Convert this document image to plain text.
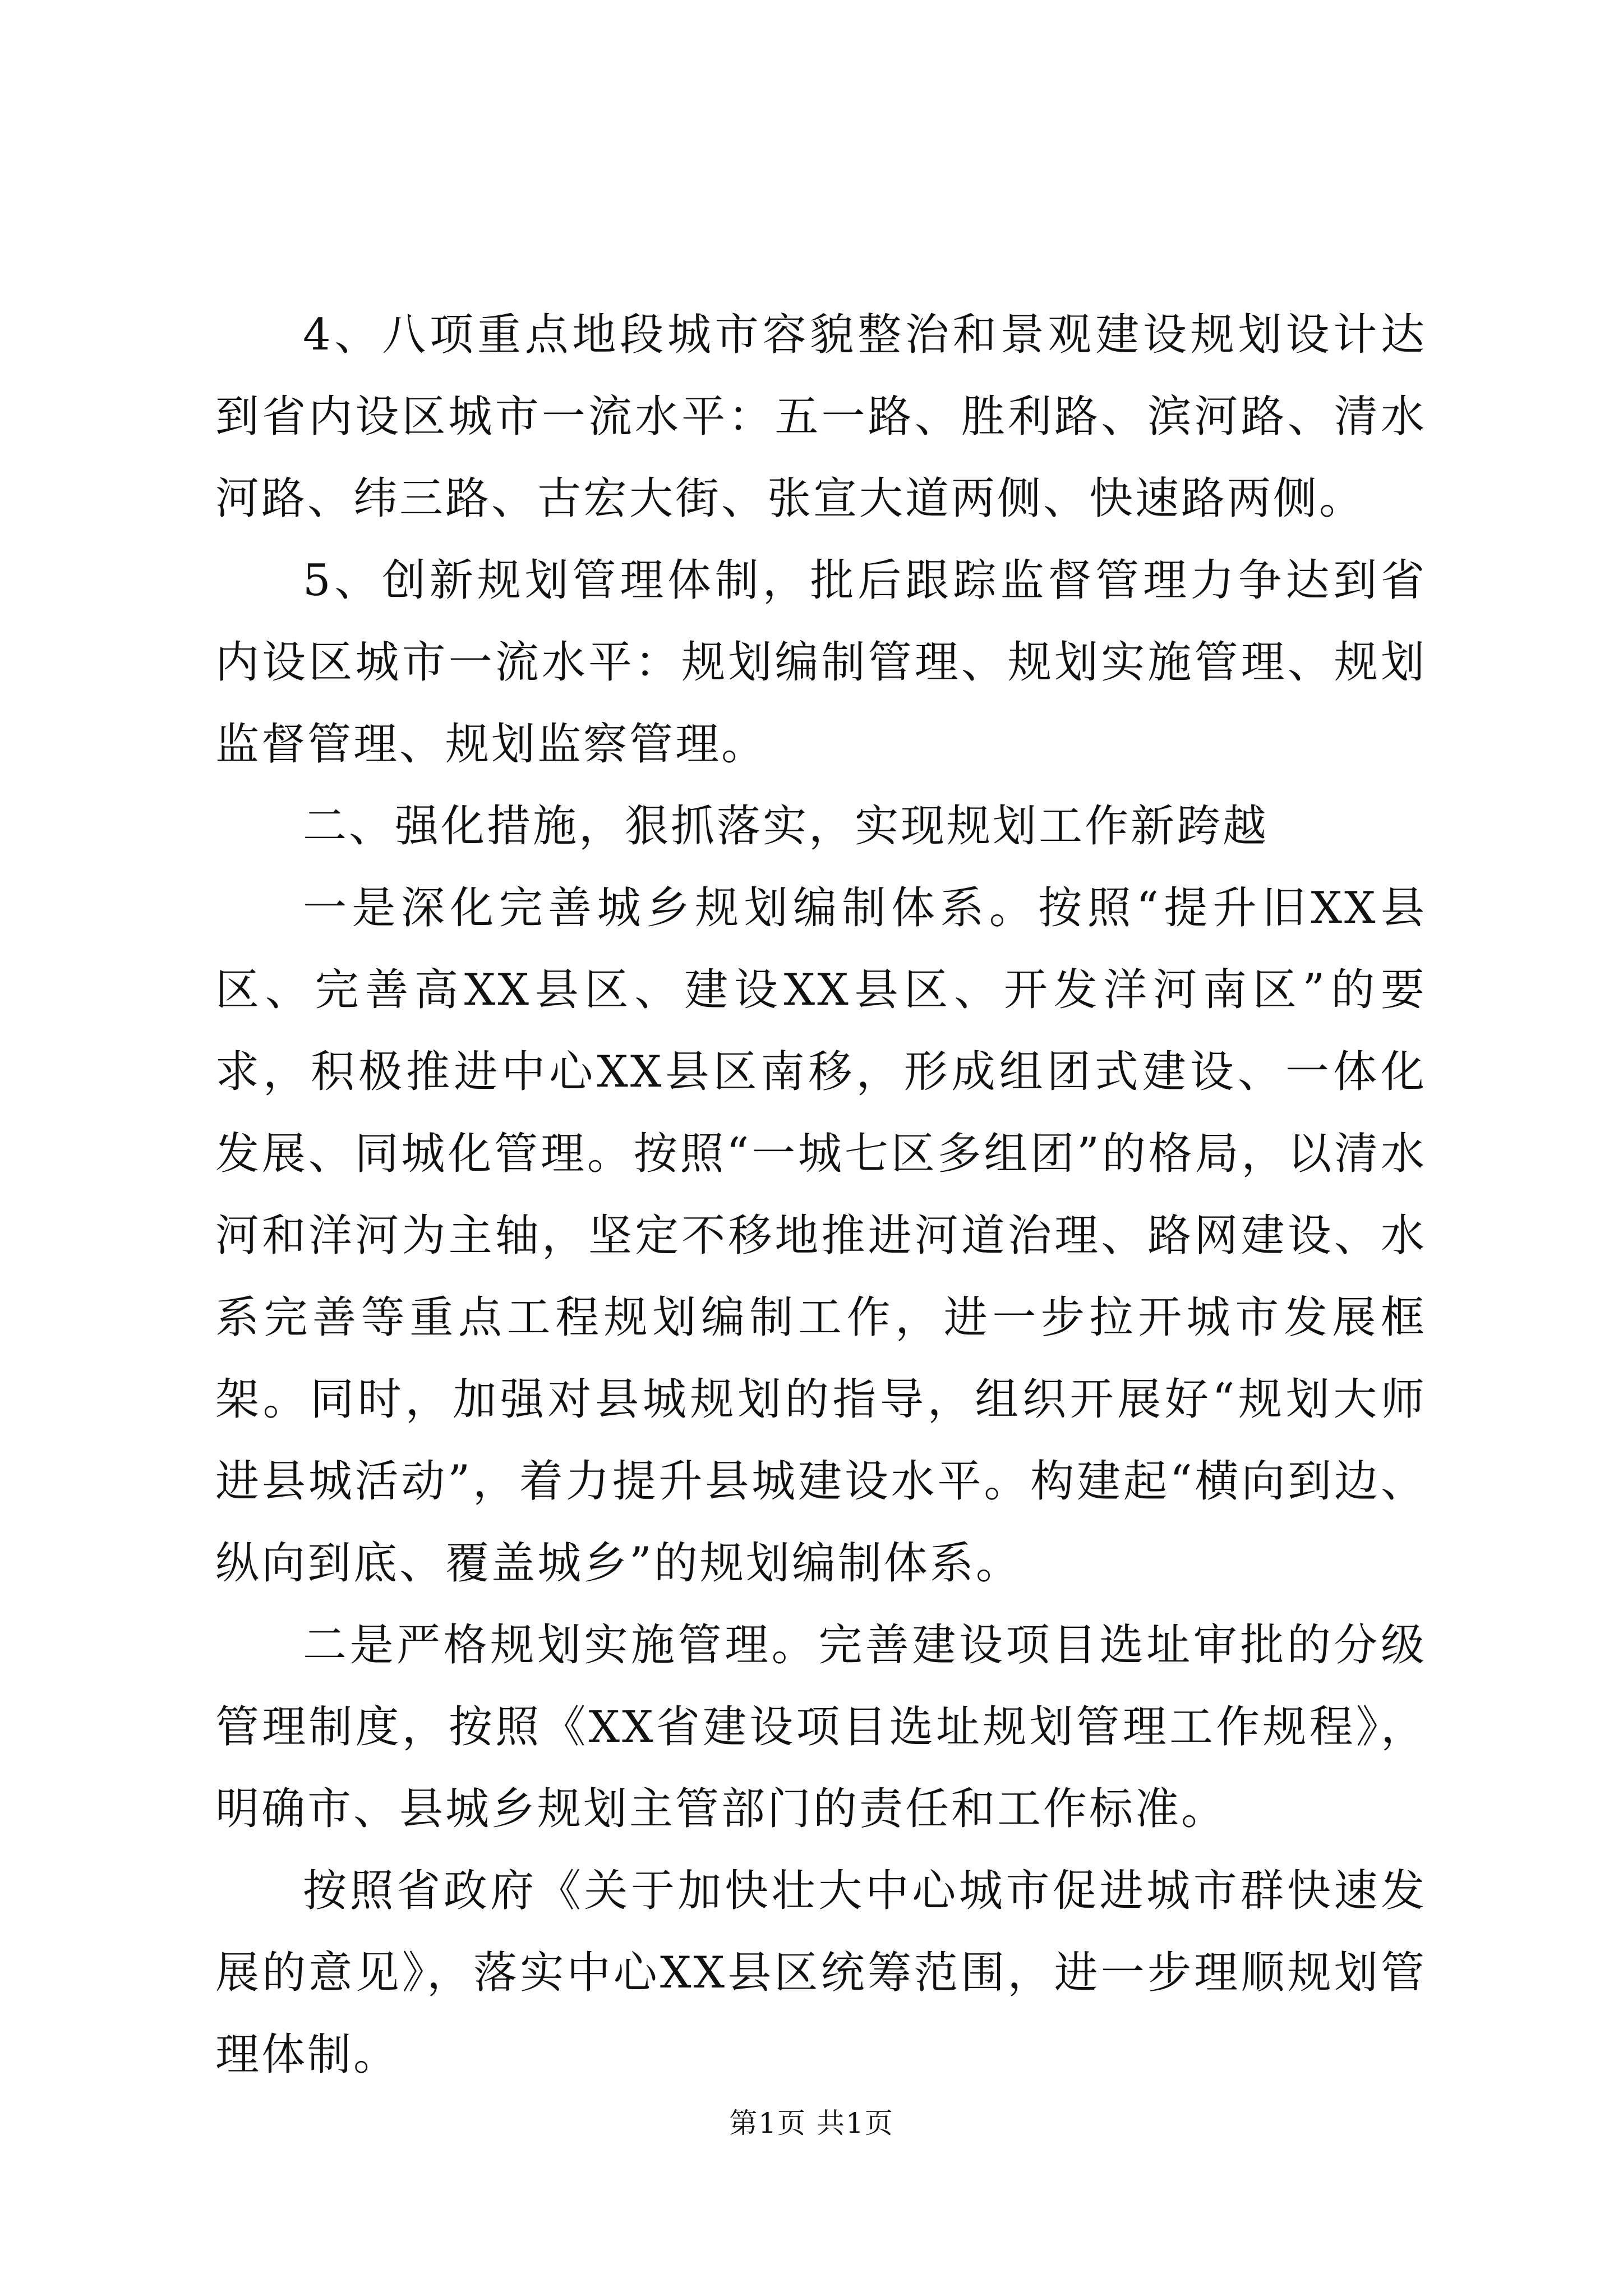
4、八项重点地段城市容貌整治和景观建设规划设计达到省内设区城市一流水平：五一路、胜利路、滨河路、清水河路、纬三路、古宏大街、张宣大道两侧、快速路两侧。

5、创新规划管理体制，批后跟踪监督管理力争达到省内设区城市一流水平：规划编制管理、规划实施管理、规划监督管理、规划监察管理。

二、强化措施，狠抓落实，实现规划工作新跨越

一是深化完善城乡规划编制体系。按照“提升旧XX县区、完善高XX县区、建设XX县区、开发洋河南区”的要求，积极推进中心XX县区南移，形成组团式建设、一体化发展、同城化管理。按照“一城七区多组团”的格局，以清水河和洋河为主轴，坚定不移地推进河道治理、路网建设、水系完善等重点工程规划编制工作，进一步拉开城市发展框架。同时，加强对县城规划的指导，组织开展好“规划大师进县城活动”，着力提升县城建设水平。构建起“横向到边、纵向到底、覆盖城乡”的规划编制体系。

二是严格规划实施管理。完善建设项目选址审批的分级管理制度，按照《XX省建设项目选址规划管理工作规程》，明确市、县城乡规划主管部门的责任和工作标准。

按照省政府《关于加快壮大中心城市促进城市群快速发展的意见》，落实中心XX县区统筹范围，进一步理顺规划管理体制。

第1页 共1页
